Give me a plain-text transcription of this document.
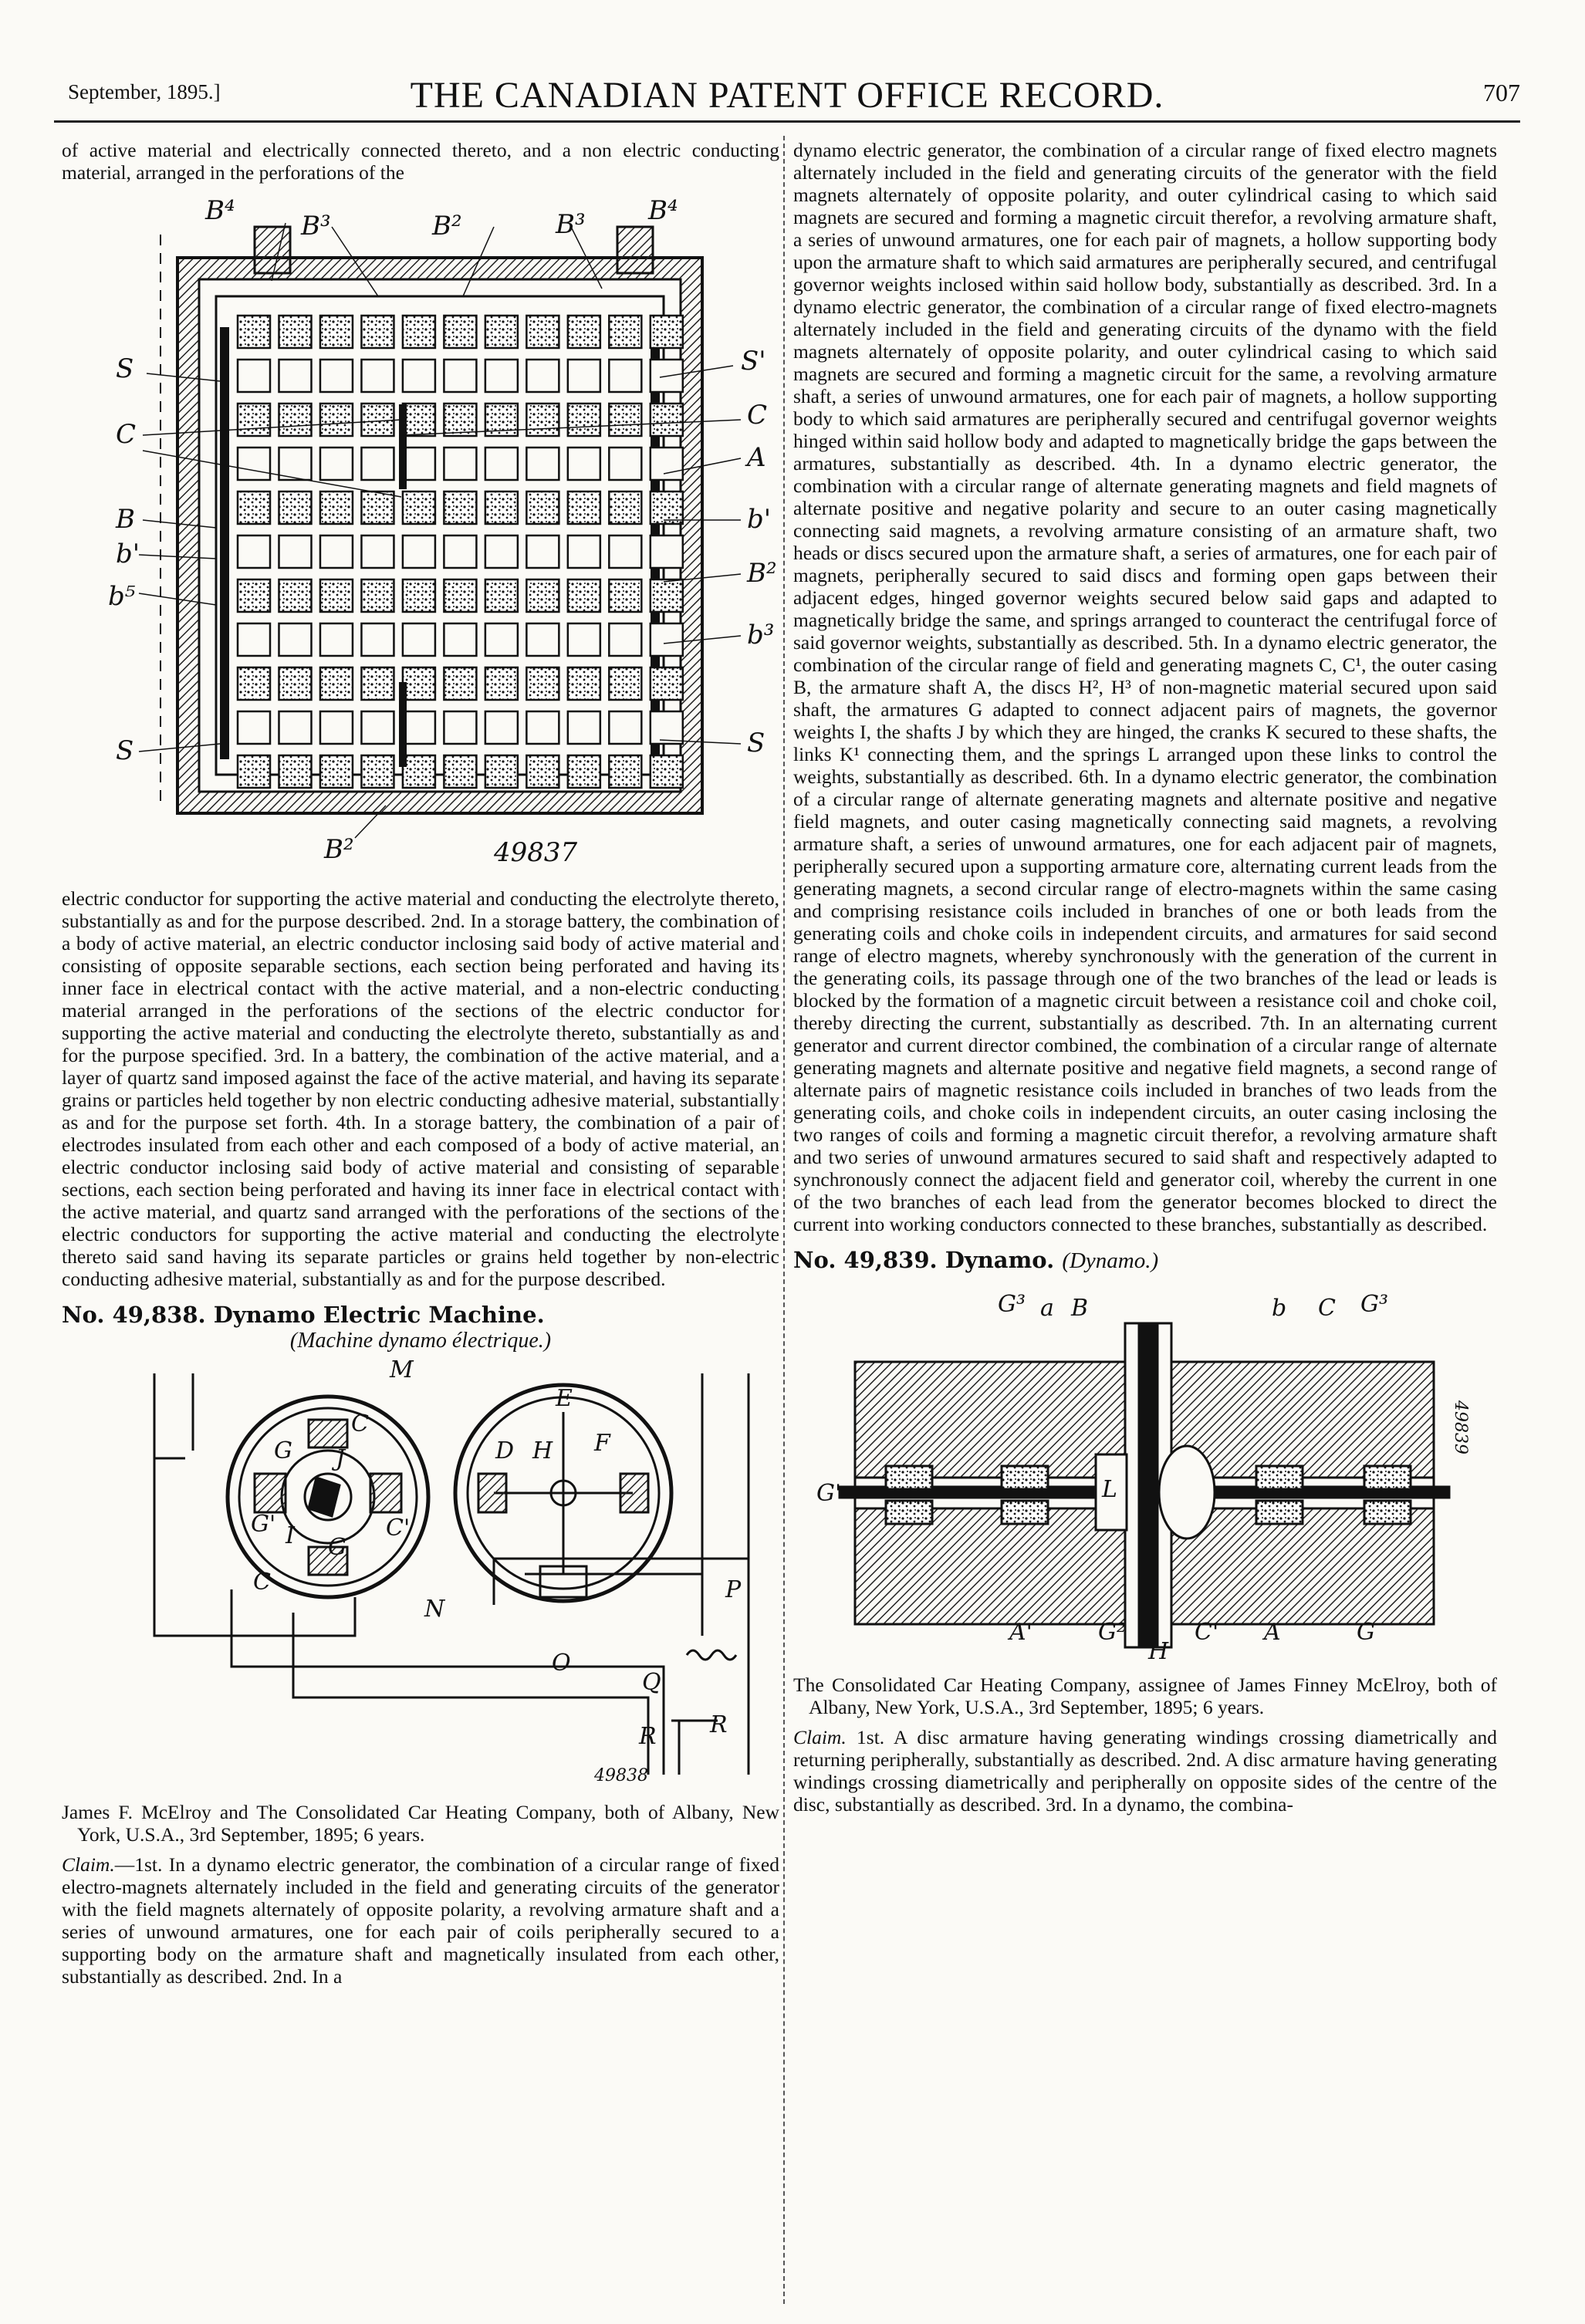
September, 1895.]	THE CANADIAN PATENT OFFICE RECORD.	707

of active material and electrically connected thereto, and a non electric conducting material, arranged in the perforations of the

B⁴	B³	B²	B³ B⁴
S	S'
C
C
A
B
b'
b'
b⁵
B²
b³
S	S
B²	49837

electric conductor for supporting the active material and conducting the electrolyte thereto, substantially as and for the purpose described. 2nd. In a storage battery, the combination of a body of active material, an electric conductor inclosing said body of active material and consisting of opposite separable sections, each section being perforated and having its inner face in electrical contact with the active material, and a non-electric conducting material arranged in the perforations of the sections of the electric conductor for supporting the active material and conducting the electrolyte thereto, substantially as and for the purpose specified. 3rd. In a battery, the combination of the active material, and a layer of quartz sand imposed against the face of the active material, and having its separate grains or particles held together by non electric conducting adhesive material, substantially as and for the purpose set forth. 4th. In a storage battery, the combination of a pair of electrodes insulated from each other and each composed of a body of active material, an electric conductor inclosing said body of active material and consisting of separable sections, each section being perforated and having its inner face in electrical contact with the active material, and quartz sand arranged with the perforations of the sections of the electric conductors for supporting the active material and conducting the electrolyte thereto said sand having its separate particles or grains held together by non-electric conducting adhesive material, substantially as and for the purpose described.

No. 49,838. Dynamo Electric Machine.
(Machine dynamo électrique.)
M
C
G J
G' I	C'
G
C
E
D H F
N
P
O
Q
R R
49838

James F. McElroy and The Consolidated Car Heating Company, both of Albany, New York, U.S.A., 3rd September, 1895; 6 years.

Claim.—1st. In a dynamo electric generator, the combination of a circular range of fixed electro-magnets alternately included in the field and generating circuits of the generator with the field magnets alternately of opposite polarity, a revolving armature shaft and a series of unwound armatures, one for each pair of coils peripherally secured to a supporting body on the armature shaft and magnetically insulated from each other, substantially as described. 2nd. In a

dynamo electric generator, the combination of a circular range of fixed electro magnets alternately included in the field and generating circuits of the generator with the field magnets alternately of opposite polarity, and outer cylindrical casing to which said magnets are secured and forming a magnetic circuit therefor, a revolving armature shaft, a series of unwound armatures, one for each pair of magnets, a hollow supporting body upon the armature shaft to which said armatures are peripherally secured, and centrifugal governor weights inclosed within said hollow body, substantially as described. 3rd. In a dynamo electric generator, the combination of a circular range of fixed electro-magnets alternately included in the field and generating circuits of the dynamo with the field magnets alternately of opposite polarity, and outer cylindrical casing to which said magnets are secured and forming a magnetic circuit for the same, a revolving armature shaft, a series of unwound armatures, one for each pair of magnets, a hollow supporting body to which said armatures are peripherally secured and centrifugal governor weights hinged within said hollow body and adapted to magnetically bridge the gaps between the armatures, substantially as described. 4th. In a dynamo electric generator, the combination with a circular range of alternate generating magnets and field magnets of alternate positive and negative polarity and secure to an outer casing magnetically connecting said magnets, a revolving armature consisting of an armature shaft, two heads or discs secured upon the armature shaft, a series of armatures, one for each pair of magnets, peripherally secured to said discs and forming open gaps between their adjacent edges, hinged governor weights secured below said gaps and adapted to magnetically bridge the same, and springs arranged to counteract the centrifugal force of said governor weights, substantially as described. 5th. In a dynamo electric generator, the combination of the circular range of field and generating magnets C, C¹, the outer casing B, the armature shaft A, the discs H², H³ of non-magnetic material secured upon said shaft, the armatures G adapted to connect adjacent pairs of magnets, the governor weights I, the shafts J by which they are hinged, the cranks K secured to these shafts, the links K¹ connecting them, and the springs L arranged upon these links to control the weights, substantially as described. 6th. In a dynamo electric generator, the combination of a circular range of alternate generating magnets and alternate positive and negative field magnets, and outer casing magnetically connecting said magnets, a revolving armature shaft, a series of unwound armatures, one for each adjacent pair of magnets, peripherally secured upon a supporting armature core, alternating current leads from the generating magnets, a second circular range of electro-magnets within the same casing and comprising resistance coils included in branches of one or both leads from the generating coils and choke coils in independent circuits, and armatures for said second range of electro magnets, whereby synchronously with the generation of the current in the generating coils, its passage through one of the two branches of the lead or leads is blocked by the formation of a magnetic circuit between a resistance coil and choke coil, thereby directing the current, substantially as described. 7th. In an alternating current generator and current director combined, the combination of a circular range of alternate generating magnets and alternate positive and negative field magnets, a second range of alternate pairs of magnetic resistance coils included in branches of two leads from the generating coils, and choke coils in independent circuits, an outer casing inclosing the two ranges of coils and forming a magnetic circuit therefor, a revolving armature shaft and two series of unwound armatures secured to said shaft and respectively adapted to synchronously connect the adjacent field and generator coil, whereby the current in one of the two branches of each lead from the generator becomes blocked to direct the current into working conductors connected to these branches, substantially as described.

No. 49,839. Dynamo. (Dynamo.)
G³ a B	b C G³
G'	L
A'	G²
H
C' A	G
49839

The Consolidated Car Heating Company, assignee of James Finney McElroy, both of Albany, New York, U.S.A., 3rd September, 1895; 6 years.

Claim. 1st. A disc armature having generating windings crossing diametrically and returning peripherally, substantially as described. 2nd. A disc armature having generating windings crossing diametrically and peripherally on opposite sides of the centre of the disc, substantially as described. 3rd. In a dynamo, the combina-
